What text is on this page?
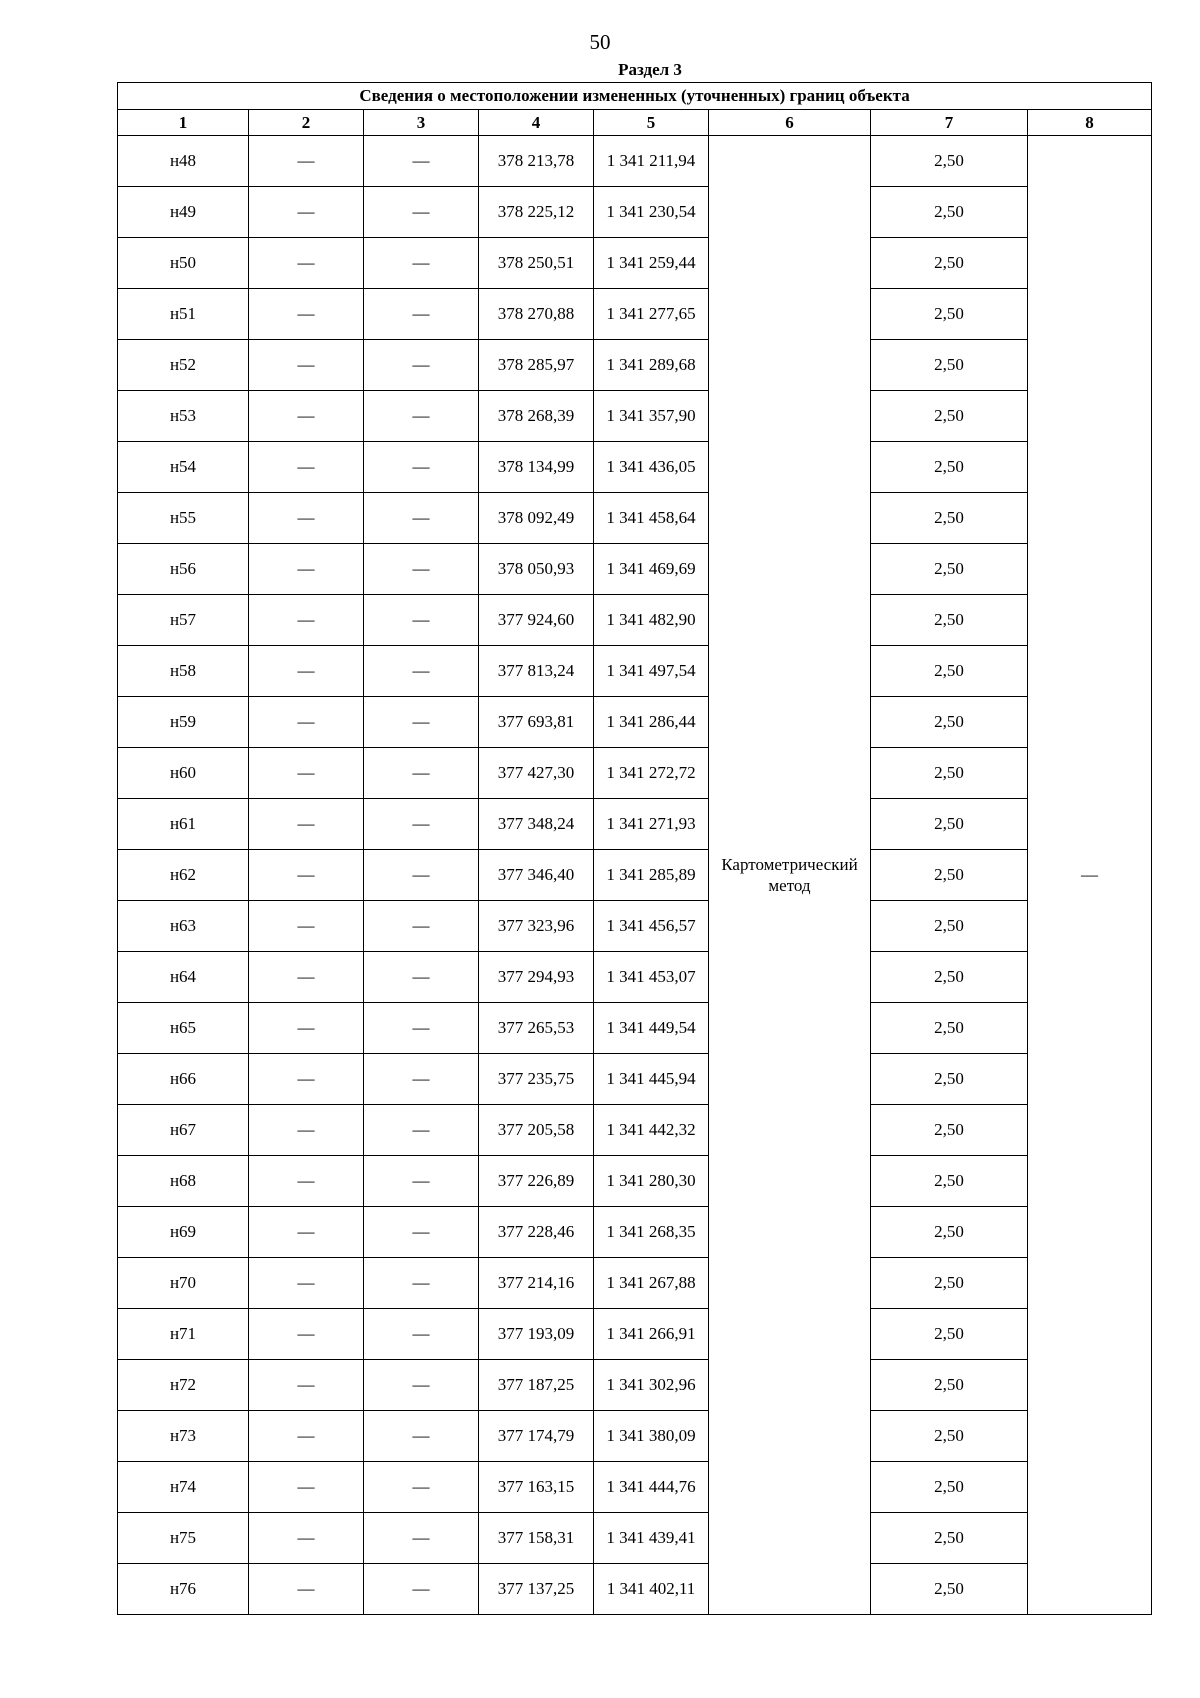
50
Раздел 3
Сведения о местоположении измененных (уточненных) границ объекта							
1	2	3	4	5	6	7	8
н48	—	—	378 213,78	1 341 211,94	Картометрический метод	2,50	—
н49	—	—	378 225,12	1 341 230,54		2,50	
н50	—	—	378 250,51	1 341 259,44		2,50	
н51	—	—	378 270,88	1 341 277,65		2,50	
н52	—	—	378 285,97	1 341 289,68		2,50	
н53	—	—	378 268,39	1 341 357,90		2,50	
н54	—	—	378 134,99	1 341 436,05		2,50	
н55	—	—	378 092,49	1 341 458,64		2,50	
н56	—	—	378 050,93	1 341 469,69		2,50	
н57	—	—	377 924,60	1 341 482,90		2,50	
н58	—	—	377 813,24	1 341 497,54		2,50	
н59	—	—	377 693,81	1 341 286,44		2,50	
н60	—	—	377 427,30	1 341 272,72		2,50	
н61	—	—	377 348,24	1 341 271,93		2,50	
н62	—	—	377 346,40	1 341 285,89		2,50	
н63	—	—	377 323,96	1 341 456,57		2,50	
н64	—	—	377 294,93	1 341 453,07		2,50	
н65	—	—	377 265,53	1 341 449,54		2,50	
н66	—	—	377 235,75	1 341 445,94		2,50	
н67	—	—	377 205,58	1 341 442,32		2,50	
н68	—	—	377 226,89	1 341 280,30		2,50	
н69	—	—	377 228,46	1 341 268,35		2,50	
н70	—	—	377 214,16	1 341 267,88		2,50	
н71	—	—	377 193,09	1 341 266,91		2,50	
н72	—	—	377 187,25	1 341 302,96		2,50	
н73	—	—	377 174,79	1 341 380,09		2,50	
н74	—	—	377 163,15	1 341 444,76		2,50	
н75	—	—	377 158,31	1 341 439,41		2,50	
н76	—	—	377 137,25	1 341 402,11		2,50	
